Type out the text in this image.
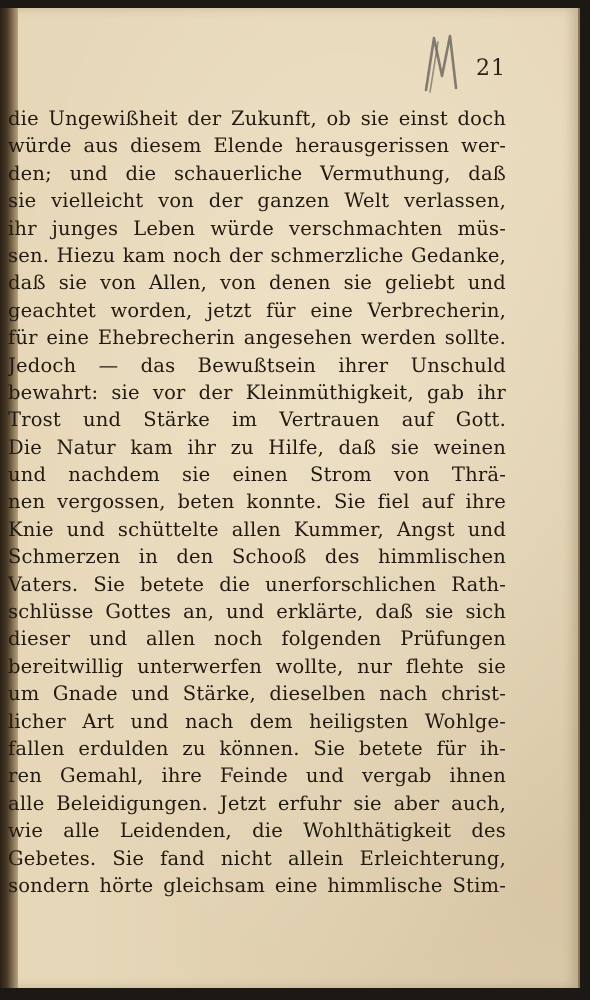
21
die Ungewißheit der Zukunft, ob sie einst doch
würde aus diesem Elende herausgerissen wer-
den; und die schauerliche Vermuthung, daß
sie vielleicht von der ganzen Welt verlassen,
ihr junges Leben würde verschmachten müs-
sen. Hiezu kam noch der schmerzliche Gedanke,
daß sie von Allen, von denen sie geliebt und
geachtet worden, jetzt für eine Verbrecherin,
für eine Ehebrecherin angesehen werden sollte.
Jedoch — das Bewußtsein ihrer Unschuld
bewahrt: sie vor der Kleinmüthigkeit, gab ihr
Trost und Stärke im Vertrauen auf Gott.
Die Natur kam ihr zu Hilfe, daß sie weinen
und nachdem sie einen Strom von Thrä-
nen vergossen, beten konnte. Sie fiel auf ihre
Knie und schüttelte allen Kummer, Angst und
Schmerzen in den Schooß des himmlischen
Vaters. Sie betete die unerforschlichen Rath-
schlüsse Gottes an, und erklärte, daß sie sich
dieser und allen noch folgenden Prüfungen
bereitwillig unterwerfen wollte, nur flehte sie
um Gnade und Stärke, dieselben nach christ-
licher Art und nach dem heiligsten Wohlge-
fallen erdulden zu können. Sie betete für ih-
ren Gemahl, ihre Feinde und vergab ihnen
alle Beleidigungen. Jetzt erfuhr sie aber auch,
wie alle Leidenden, die Wohlthätigkeit des
Gebetes. Sie fand nicht allein Erleichterung,
sondern hörte gleichsam eine himmlische Stim-
